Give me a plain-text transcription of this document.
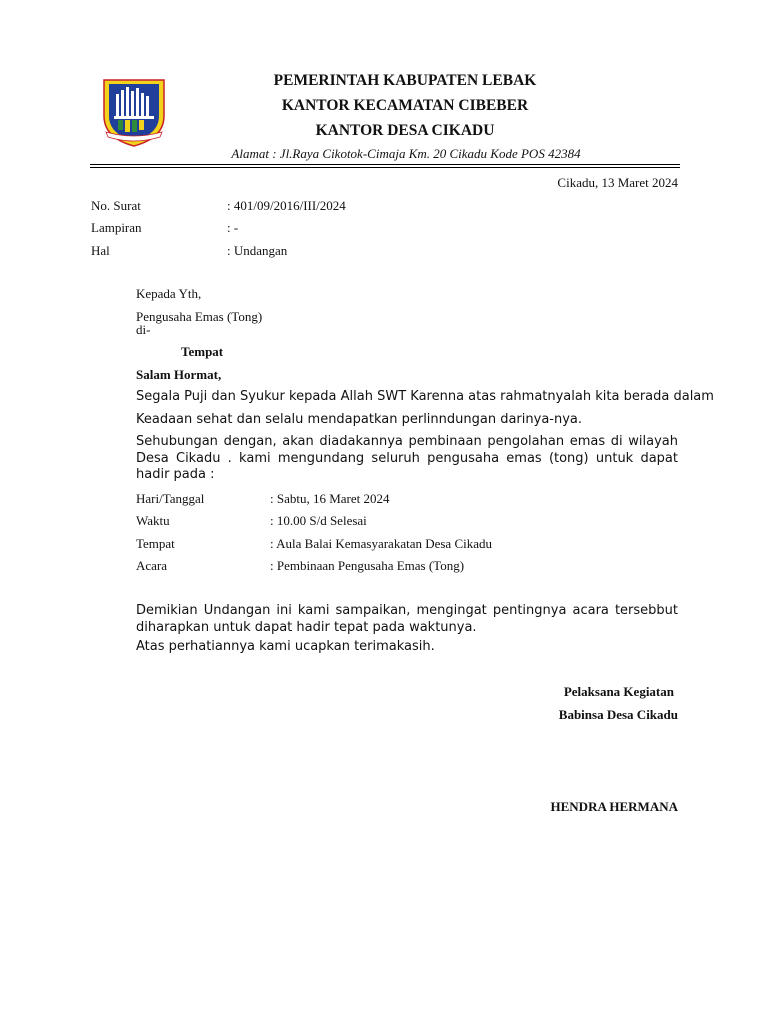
PEMERINTAH KABUPATEN LEBAK
KANTOR KECAMATAN CIBEBER
KANTOR DESA CIKADU
Alamat : Jl.Raya Cikotok-Cimaja Km. 20 Cikadu Kode POS 42384
Cikadu, 13 Maret 2024
No. Surat	: 401/09/2016/III/2024
Lampiran	: -
Hal	: Undangan
Kepada Yth,
Pengusaha Emas (Tong)
di-
Tempat
Salam Hormat,
Segala Puji dan Syukur kepada Allah SWT Karenna atas rahmatnyalah kita berada dalam
Keadaan sehat dan selalu mendapatkan perlinndungan darinya-nya.
Sehubungan dengan, akan diadakannya pembinaan pengolahan emas di wilayah Desa Cikadu . kami mengundang seluruh pengusaha emas (tong) untuk dapat hadir pada :
Hari/Tanggal	: Sabtu, 16 Maret 2024
Waktu	: 10.00 S/d Selesai
Tempat	: Aula Balai Kemasyarakatan Desa Cikadu
Acara	: Pembinaan Pengusaha Emas (Tong)
Demikian Undangan ini kami sampaikan, mengingat pentingnya acara tersebbut diharapkan untuk dapat hadir tepat pada waktunya.
Atas perhatiannya kami ucapkan terimakasih.
Pelaksana Kegiatan
Babinsa Desa Cikadu
HENDRA HERMANA
